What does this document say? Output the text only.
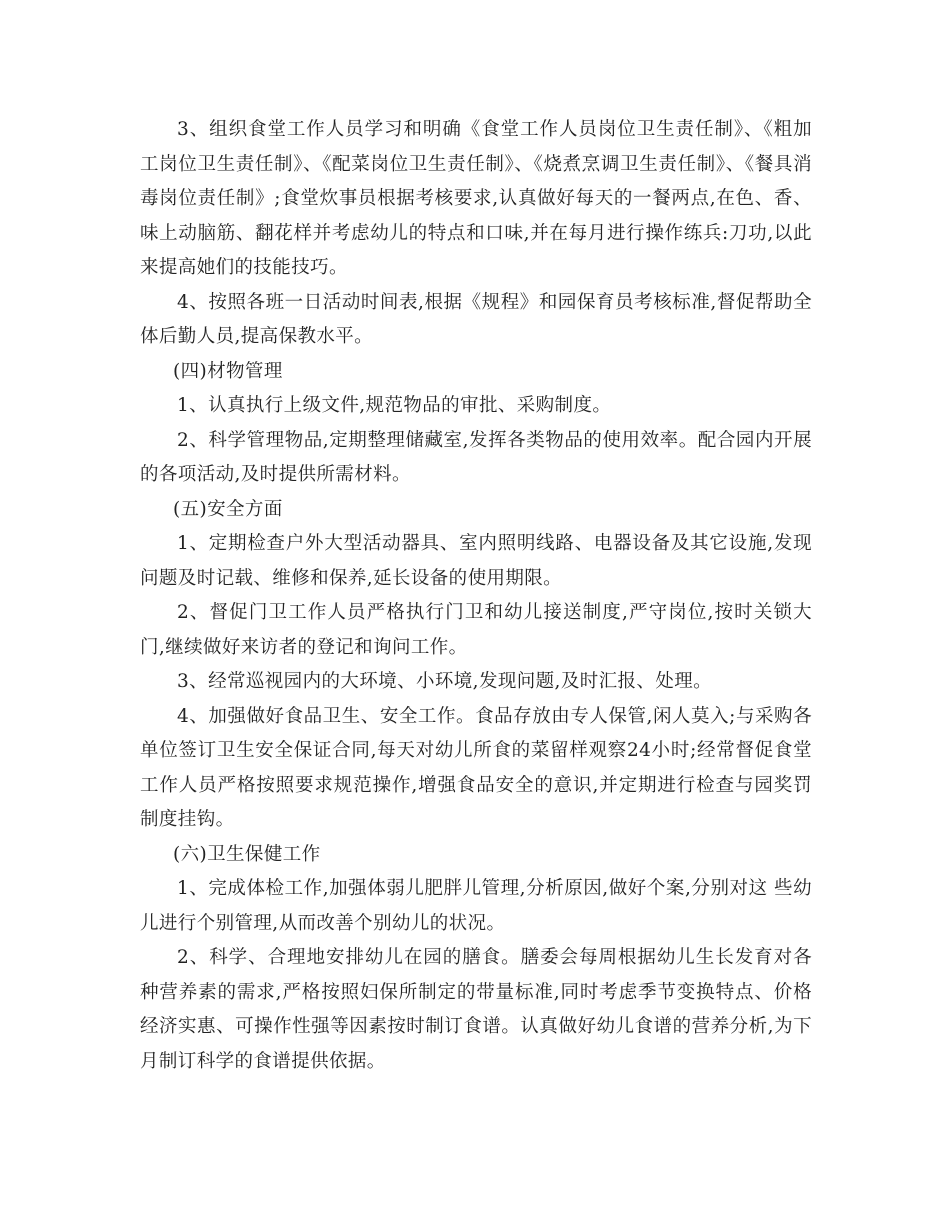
3、组织食堂工作人员学习和明确《食堂工作人员岗位卫生责任制》、《粗加工岗位卫生责任制》、《配菜岗位卫生责任制》、《烧煮烹调卫生责任制》、《餐具消毒岗位责任制》;食堂炊事员根据考核要求,认真做好每天的一餐两点,在色、香、味上动脑筋、翻花样并考虑幼儿的特点和口味,并在每月进行操作练兵:刀功,以此来提高她们的技能技巧。

4、按照各班一日活动时间表,根据《规程》和园保育员考核标准,督促帮助全体后勤人员,提高保教水平。

(四)材物管理

1、认真执行上级文件,规范物品的审批、采购制度。

2、科学管理物品,定期整理储藏室,发挥各类物品的使用效率。配合园内开展的各项活动,及时提供所需材料。

(五)安全方面

1、定期检查户外大型活动器具、室内照明线路、电器设备及其它设施,发现问题及时记载、维修和保养,延长设备的使用期限。

2、督促门卫工作人员严格执行门卫和幼儿接送制度,严守岗位,按时关锁大门,继续做好来访者的登记和询问工作。

3、经常巡视园内的大环境、小环境,发现问题,及时汇报、处理。

4、加强做好食品卫生、安全工作。食品存放由专人保管,闲人莫入;与采购各单位签订卫生安全保证合同,每天对幼儿所食的菜留样观察24小时;经常督促食堂工作人员严格按照要求规范操作,增强食品安全的意识,并定期进行检查与园奖罚制度挂钩。

(六)卫生保健工作

1、完成体检工作,加强体弱儿肥胖儿管理,分析原因,做好个案,分别对这 些幼儿进行个别管理,从而改善个别幼儿的状况。

2、科学、合理地安排幼儿在园的膳食。膳委会每周根据幼儿生长发育对各种营养素的需求,严格按照妇保所制定的带量标准,同时考虑季节变换特点、价格经济实惠、可操作性强等因素按时制订食谱。认真做好幼儿食谱的营养分析,为下月制订科学的食谱提供依据。
